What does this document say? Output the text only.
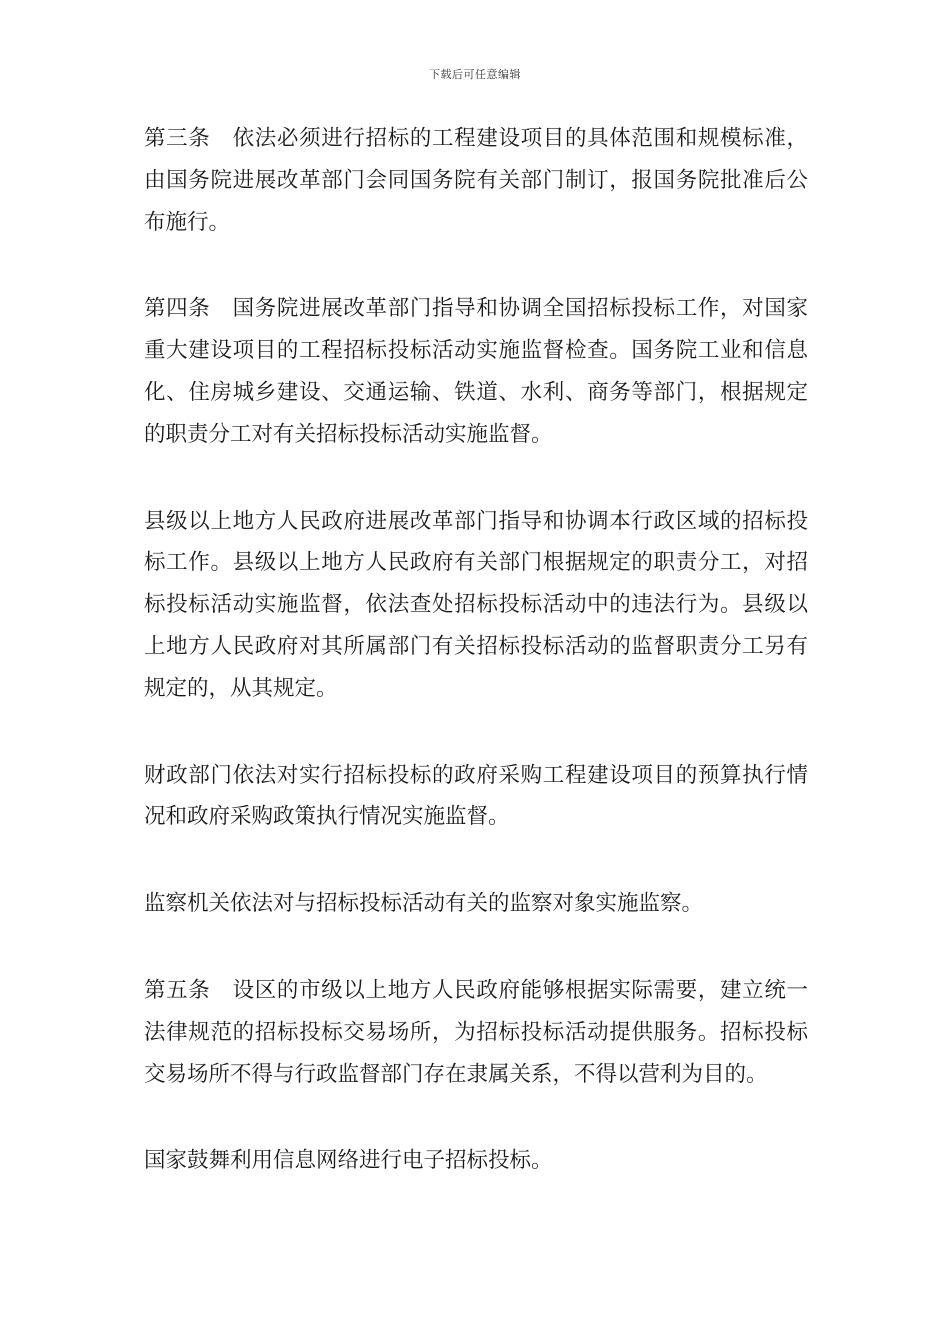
下载后可任意编辑

第三条　依法必须进行招标的工程建设项目的具体范围和规模标准，由国务院进展改革部门会同国务院有关部门制订，报国务院批准后公布施行。

第四条　国务院进展改革部门指导和协调全国招标投标工作，对国家重大建设项目的工程招标投标活动实施监督检查。国务院工业和信息化、住房城乡建设、交通运输、铁道、水利、商务等部门，根据规定的职责分工对有关招标投标活动实施监督。

县级以上地方人民政府进展改革部门指导和协调本行政区域的招标投标工作。县级以上地方人民政府有关部门根据规定的职责分工，对招标投标活动实施监督，依法查处招标投标活动中的违法行为。县级以上地方人民政府对其所属部门有关招标投标活动的监督职责分工另有规定的，从其规定。

财政部门依法对实行招标投标的政府采购工程建设项目的预算执行情况和政府采购政策执行情况实施监督。

监察机关依法对与招标投标活动有关的监察对象实施监察。

第五条　设区的市级以上地方人民政府能够根据实际需要，建立统一法律规范的招标投标交易场所，为招标投标活动提供服务。招标投标交易场所不得与行政监督部门存在隶属关系，不得以营利为目的。

国家鼓舞利用信息网络进行电子招标投标。
